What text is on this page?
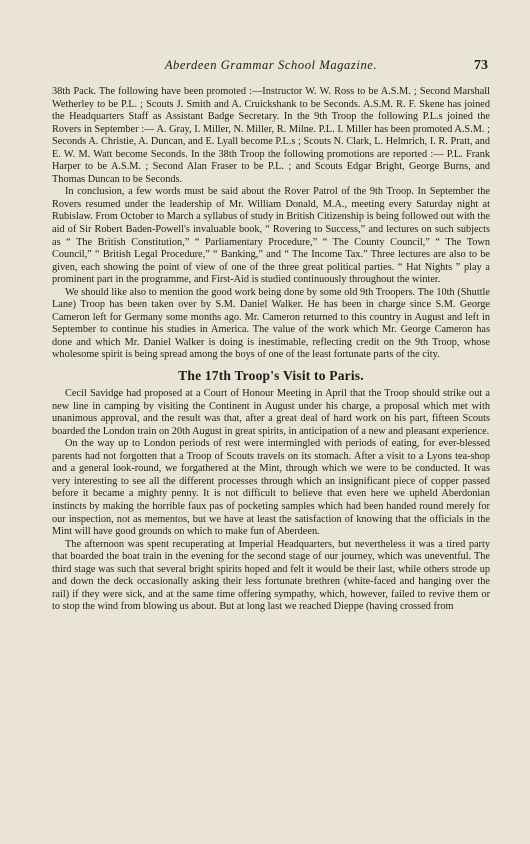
Aberdeen Grammar School Magazine.	73

38th Pack. The following have been promoted :—Instructor W. W. Ross to be A.S.M. ; Second Marshall Wetherley to be P.L. ; Scouts J. Smith and A. Cruickshank to be Seconds. A.S.M. R. F. Skene has joined the Headquarters Staff as Assistant Badge Secretary. In the 9th Troop the following P.L.s joined the Rovers in September :— A. Gray, I. Miller, N. Miller, R. Milne. P.L. I. Miller has been promoted A.S.M. ; Seconds A. Christie, A. Duncan, and E. Lyall become P.L.s ; Scouts N. Clark, L. Helmrich, I. R. Pratt, and E. W. M. Watt become Seconds. In the 38th Troop the following promotions are reported :— P.L. Frank Harper to be A.S.M. ; Second Alan Fraser to be P.L. ; and Scouts Edgar Bright, George Burns, and Thomas Duncan to be Seconds.

In conclusion, a few words must be said about the Rover Patrol of the 9th Troop. In September the Rovers resumed under the leadership of Mr. William Donald, M.A., meeting every Saturday night at Rubislaw. From October to March a syllabus of study in British Citizenship is being followed out with the aid of Sir Robert Baden-Powell's invaluable book, “ Rovering to Success,” and lectures on such subjects as “ The British Constitution,” “ Parliamentary Procedure,” “ The County Council,” “ The Town Council,” “ British Legal Procedure,” “ Banking,” and “ The Income Tax.” Three lectures are also to be given, each showing the point of view of one of the three great political parties. “ Hat Nights ” play a prominent part in the programme, and First-Aid is studied continuously throughout the winter.

We should like also to mention the good work being done by some old 9th Troopers. The 10th (Shuttle Lane) Troop has been taken over by S.M. Daniel Walker. He has been in charge since S.M. George Cameron left for Germany some months ago. Mr. Cameron returned to this country in August and left in September to continue his studies in America. The value of the work which Mr. George Cameron has done and which Mr. Daniel Walker is doing is inestimable, reflecting credit on the 9th Troop, whose wholesome spirit is being spread among the boys of one of the least fortunate parts of the city.

The 17th Troop's Visit to Paris.

Cecil Savidge had proposed at a Court of Honour Meeting in April that the Troop should strike out a new line in camping by visiting the Continent in August under his charge, a proposal which met with unanimous approval, and the result was that, after a great deal of hard work on his part, fifteen Scouts boarded the London train on 20th August in great spirits, in anticipation of a new and pleasant experience.

On the way up to London periods of rest were intermingled with periods of eating, for ever-blessed parents had not forgotten that a Troop of Scouts travels on its stomach. After a visit to a Lyons tea-shop and a general look-round, we forgathered at the Mint, through which we were to be conducted. It was very interesting to see all the different processes through which an insignificant piece of copper passed before it became a mighty penny. It is not difficult to believe that even here we upheld Aberdonian instincts by making the horrible faux pas of pocketing samples which had been handed round merely for our inspection, not as mementos, but we have at least the satisfaction of knowing that the officials in the Mint will have good grounds on which to make fun of Aberdeen.

The afternoon was spent recuperating at Imperial Headquarters, but nevertheless it was a tired party that boarded the boat train in the evening for the second stage of our journey, which was uneventful. The third stage was such that several bright spirits hoped and felt it would be their last, while others strode up and down the deck occasionally asking their less fortunate brethren (white-faced and hanging over the rail) if they were sick, and at the same time offering sympathy, which, however, failed to revive them or to stop the wind from blowing us about. But at long last we reached Dieppe (having crossed from
